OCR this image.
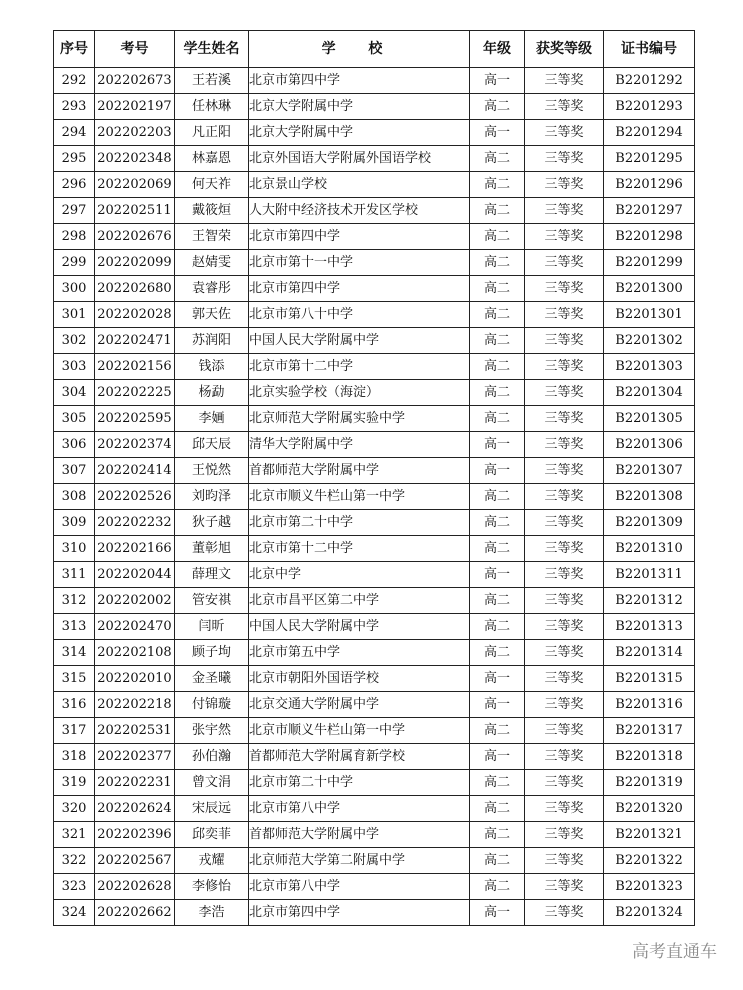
序号	考号	学生姓名	学 校	年级	获奖等级	证书编号
292	202202673	王若溪	北京市第四中学	高一	三等奖	B2201292
293	202202197	任林琳	北京大学附属中学	高二	三等奖	B2201293
294	202202203	凡正阳	北京大学附属中学	高一	三等奖	B2201294
295	202202348	林嘉恩	北京外国语大学附属外国语学校	高二	三等奖	B2201295
296	202202069	何天祚	北京景山学校	高二	三等奖	B2201296
297	202202511	戴筱烜	人大附中经济技术开发区学校	高二	三等奖	B2201297
298	202202676	王智荣	北京市第四中学	高二	三等奖	B2201298
299	202202099	赵婧雯	北京市第十一中学	高二	三等奖	B2201299
300	202202680	袁睿彤	北京市第四中学	高二	三等奖	B2201300
301	202202028	郭天佐	北京市第八十中学	高二	三等奖	B2201301
302	202202471	苏润阳	中国人民大学附属中学	高二	三等奖	B2201302
303	202202156	钱添	北京市第十二中学	高二	三等奖	B2201303
304	202202225	杨勐	北京实验学校（海淀）	高二	三等奖	B2201304
305	202202595	李婳	北京师范大学附属实验中学	高二	三等奖	B2201305
306	202202374	邱天辰	清华大学附属中学	高一	三等奖	B2201306
307	202202414	王悦然	首都师范大学附属中学	高一	三等奖	B2201307
308	202202526	刘昀泽	北京市顺义牛栏山第一中学	高二	三等奖	B2201308
309	202202232	狄子越	北京市第二十中学	高二	三等奖	B2201309
310	202202166	董彰旭	北京市第十二中学	高二	三等奖	B2201310
311	202202044	薛理文	北京中学	高一	三等奖	B2201311
312	202202002	管安祺	北京市昌平区第二中学	高二	三等奖	B2201312
313	202202470	闫昕	中国人民大学附属中学	高二	三等奖	B2201313
314	202202108	顾子坸	北京市第五中学	高二	三等奖	B2201314
315	202202010	金圣曦	北京市朝阳外国语学校	高一	三等奖	B2201315
316	202202218	付锦璇	北京交通大学附属中学	高一	三等奖	B2201316
317	202202531	张宇然	北京市顺义牛栏山第一中学	高二	三等奖	B2201317
318	202202377	孙伯瀚	首都师范大学附属育新学校	高一	三等奖	B2201318
319	202202231	曾文涓	北京市第二十中学	高二	三等奖	B2201319
320	202202624	宋辰远	北京市第八中学	高二	三等奖	B2201320
321	202202396	邱奕菲	首都师范大学附属中学	高二	三等奖	B2201321
322	202202567	戎耀	北京师范大学第二附属中学	高二	三等奖	B2201322
323	202202628	李修怡	北京市第八中学	高二	三等奖	B2201323
324	202202662	李浩	北京市第四中学	高一	三等奖	B2201324
高考直通车
